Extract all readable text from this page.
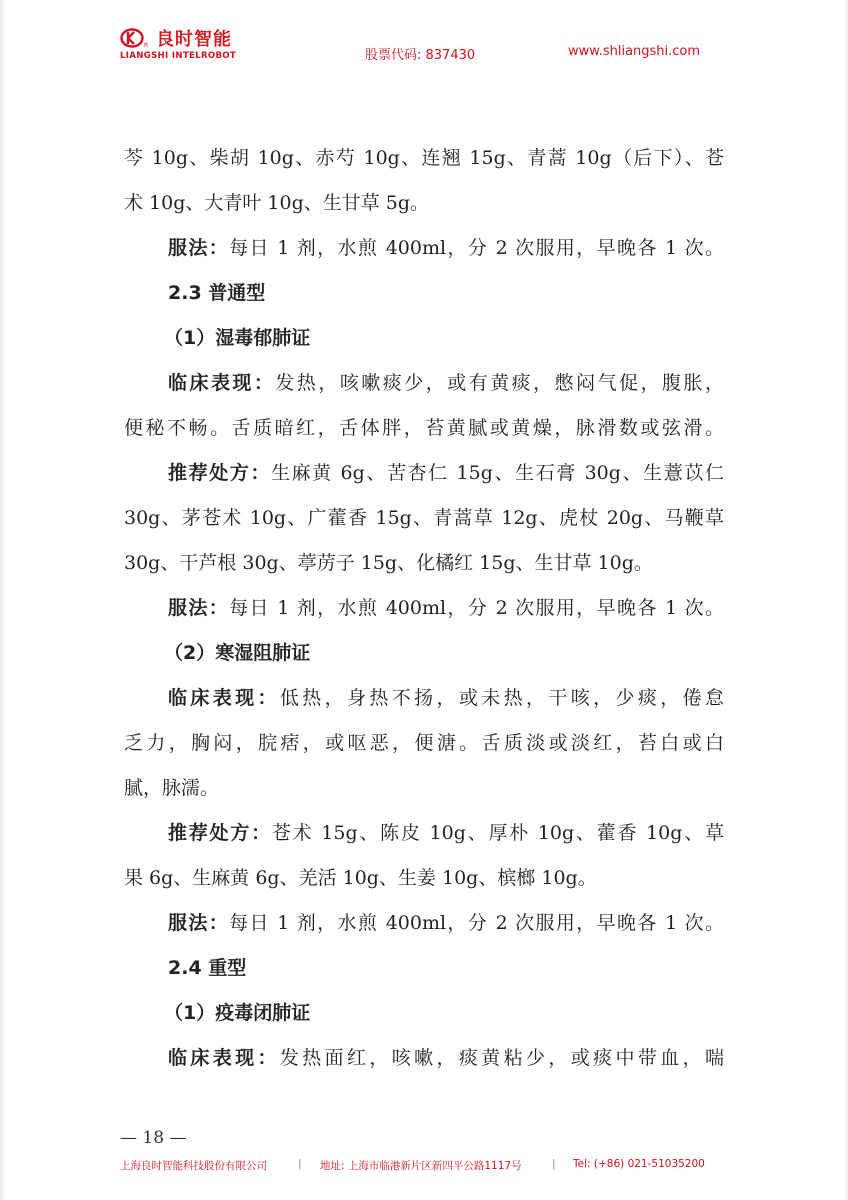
R 良时智能
LIANGSHI INTELROBOT	股票代码: 837430	www.shliangshi.com
芩 10g、柴胡 10g、赤芍 10g、连翘 15g、青蒿 10g（后下）、苍
术 10g、大青叶 10g、生甘草 5g。
服法：每日 1 剂，水煎 400ml，分 2 次服用，早晚各 1 次。
2.3 普通型
（1）湿毒郁肺证
临床表现：发热，咳嗽痰少，或有黄痰，憋闷气促，腹胀，
便秘不畅。舌质暗红，舌体胖，苔黄腻或黄燥，脉滑数或弦滑。
推荐处方：生麻黄 6g、苦杏仁 15g、生石膏 30g、生薏苡仁
30g、茅苍术 10g、广藿香 15g、青蒿草 12g、虎杖 20g、马鞭草
30g、干芦根 30g、葶苈子 15g、化橘红 15g、生甘草 10g。
服法：每日 1 剂，水煎 400ml，分 2 次服用，早晚各 1 次。
（2）寒湿阻肺证
临床表现：低热，身热不扬，或未热，干咳，少痰，倦怠
乏力，胸闷，脘痞，或呕恶，便溏。舌质淡或淡红，苔白或白
腻，脉濡。
推荐处方：苍术 15g、陈皮 10g、厚朴 10g、藿香 10g、草
果 6g、生麻黄 6g、羌活 10g、生姜 10g、槟榔 10g。
服法：每日 1 剂，水煎 400ml，分 2 次服用，早晚各 1 次。
2.4 重型
（1）疫毒闭肺证
临床表现：发热面红，咳嗽，痰黄粘少，或痰中带血，喘
— 18 —
上海良时智能科技股份有限公司	| 地址: 上海市临港新片区新四平公路1117号	| Tel: (+86) 021-51035200
